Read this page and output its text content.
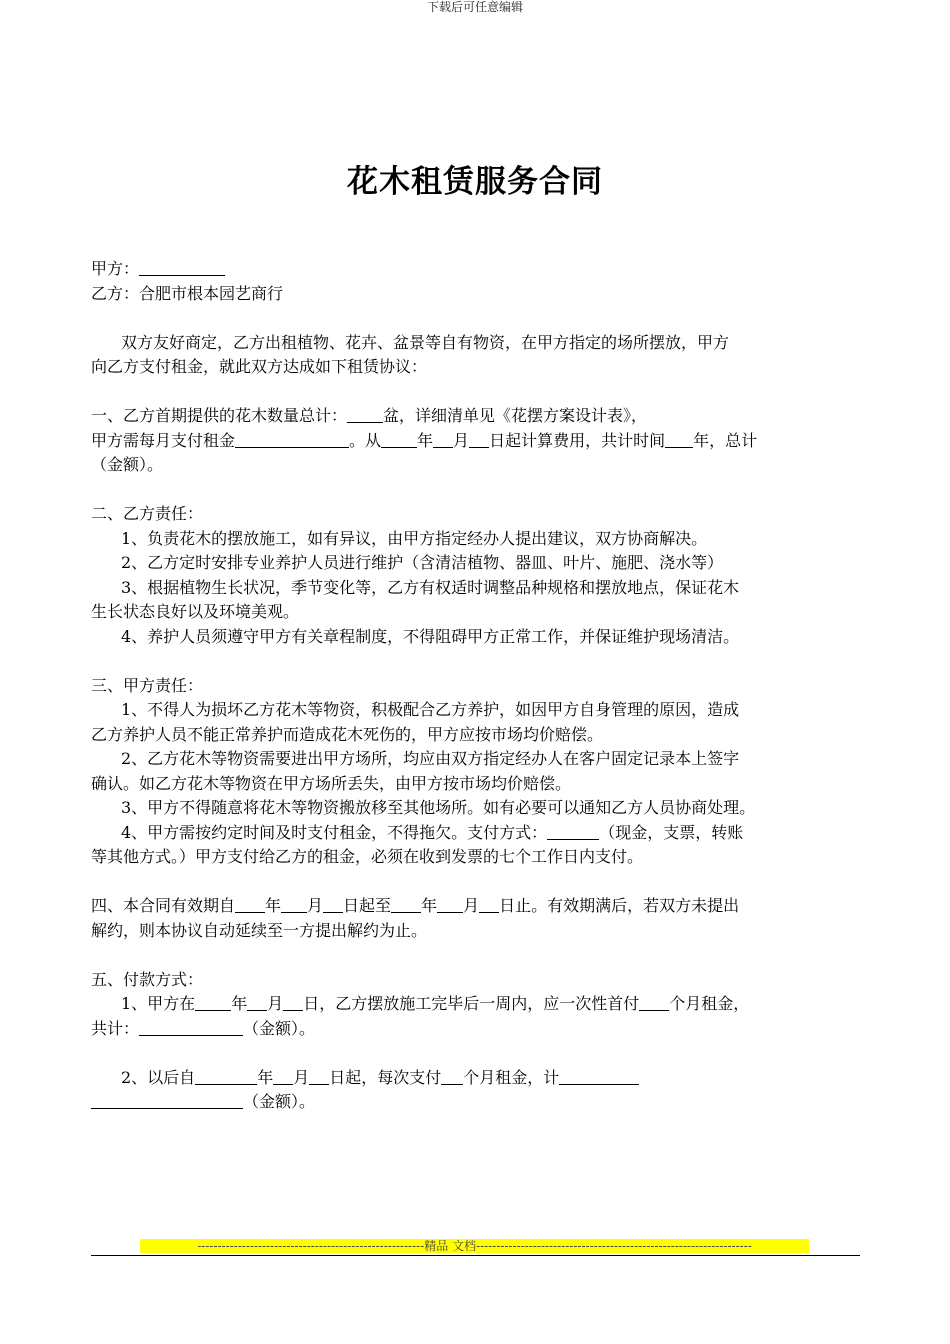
下载后可任意编辑
花木租赁服务合同
甲方：
乙方：合肥市根本园艺商行
双方友好商定，乙方出租植物、花卉、盆景等自有物资，在甲方指定的场所摆放，甲方
向乙方支付租金，就此双方达成如下租赁协议：
一、乙方首期提供的花木数量总计： 盆，详细清单见《花摆方案设计表》，
甲方需每月支付租金	。从 年 月 日起计算费用，共计时间 年，总计
（金额）。
二、乙方责任：
1、负责花木的摆放施工，如有异议，由甲方指定经办人提出建议，双方协商解决。
2、乙方定时安排专业养护人员进行维护（含清洁植物、器皿、叶片、施肥、浇水等）
3、根据植物生长状况，季节变化等，乙方有权适时调整品种规格和摆放地点，保证花木
生长状态良好以及环境美观。
4、养护人员须遵守甲方有关章程制度，不得阻碍甲方正常工作，并保证维护现场清洁。
三、甲方责任：
1、不得人为损坏乙方花木等物资，积极配合乙方养护，如因甲方自身管理的原因，造成
乙方养护人员不能正常养护而造成花木死伤的，甲方应按市场均价赔偿。
2、乙方花木等物资需要进出甲方场所，均应由双方指定经办人在客户固定记录本上签字
确认。如乙方花木等物资在甲方场所丢失，由甲方按市场均价赔偿。
3、甲方不得随意将花木等物资搬放移至其他场所。如有必要可以通知乙方人员协商处理。
4、甲方需按约定时间及时支付租金，不得拖欠。支付方式：	（现金，支票，转账
等其他方式。）甲方支付给乙方的租金，必须在收到发票的七个工作日内支付。
四、本合同有效期自 年 月 日起至 年 月 日止。有效期满后，若双方未提出
解约，则本协议自动延续至一方提出解约为止。
五、付款方式：
1、甲方在 年 月 日，乙方摆放施工完毕后一周内，应一次性首付 个月租金，
共计：	（金额）。
2、以后自	年 月 日起，每次支付 个月租金，计
（金额）。
--------------------------------------------------------精品 文档--------------------------------------------------------------------
